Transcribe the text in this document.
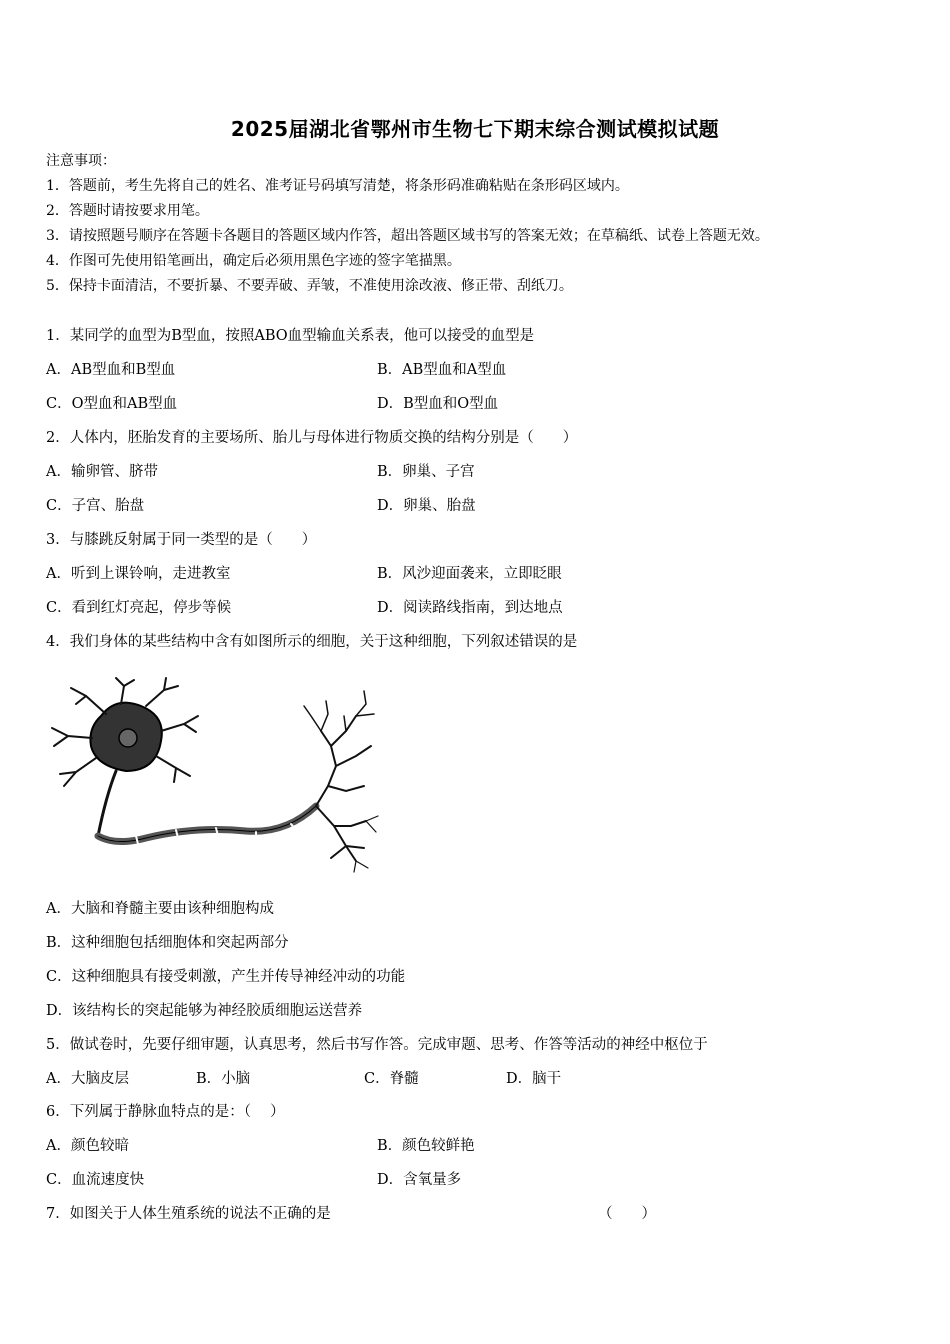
2025届湖北省鄂州市生物七下期末综合测试模拟试题
注意事项：
1．答题前，考生先将自己的姓名、准考证号码填写清楚，将条形码准确粘贴在条形码区域内。
2．答题时请按要求用笔。
3．请按照题号顺序在答题卡各题目的答题区域内作答，超出答题区域书写的答案无效；在草稿纸、试卷上答题无效。
4．作图可先使用铅笔画出，确定后必须用黑色字迹的签字笔描黑。
5．保持卡面清洁，不要折暴、不要弄破、弄皱，不准使用涂改液、修正带、刮纸刀。
1．某同学的血型为B型血，按照ABO血型输血关系表，他可以接受的血型是
A．AB型血和B型血	B．AB型血和A型血
C．O型血和AB型血	D．B型血和O型血
2．人体内，胚胎发育的主要场所、胎儿与母体进行物质交换的结构分别是（　　）
A．输卵管、脐带	B．卵巢、子宫
C．子宫、胎盘	D．卵巢、胎盘
3．与膝跳反射属于同一类型的是（　　）
A．听到上课铃响，走进教室	B．风沙迎面袭来，立即眨眼
C．看到红灯亮起，停步等候	D．阅读路线指南，到达地点
4．我们身体的某些结构中含有如图所示的细胞，关于这种细胞，下列叙述错误的是
A．大脑和脊髓主要由该种细胞构成
B．这种细胞包括细胞体和突起两部分
C．这种细胞具有接受刺激，产生并传导神经冲动的功能
D．该结构长的突起能够为神经胶质细胞运送营养
5．做试卷时，先要仔细审题，认真思考，然后书写作答。完成审题、思考、作答等活动的神经中枢位于
A．大脑皮层	B．小脑	C．脊髓	D．脑干
6．下列属于静脉血特点的是：（　 ）
A．颜色较暗	B．颜色较鲜艳
C．血流速度快	D．含氧量多
7．如图关于人体生殖系统的说法不正确的是	（　　）
